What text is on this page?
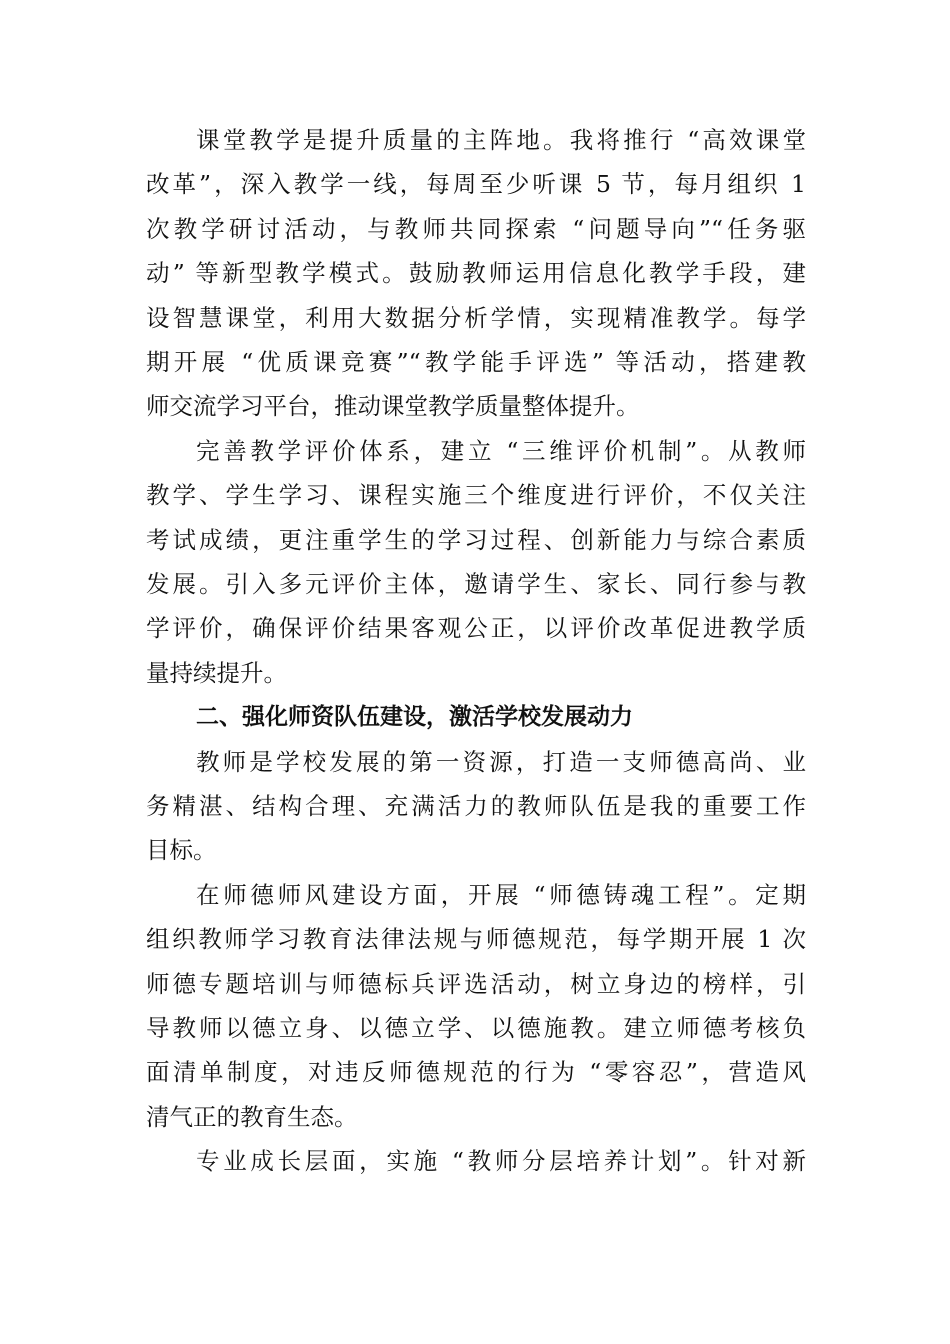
课堂教学是提升质量的主阵地。我将推行 “高效课堂
改革”，深入教学一线，每周至少听课 5 节，每月组织 1
次教学研讨活动，与教师共同探索 “问题导向”“任务驱
动” 等新型教学模式。鼓励教师运用信息化教学手段，建
设智慧课堂，利用大数据分析学情，实现精准教学。每学
期开展 “优质课竞赛”“教学能手评选” 等活动，搭建教
师交流学习平台，推动课堂教学质量整体提升。
完善教学评价体系，建立 “三维评价机制”。从教师
教学、学生学习、课程实施三个维度进行评价，不仅关注
考试成绩，更注重学生的学习过程、创新能力与综合素质
发展。引入多元评价主体，邀请学生、家长、同行参与教
学评价，确保评价结果客观公正，以评价改革促进教学质
量持续提升。
二、强化师资队伍建设，激活学校发展动力
教师是学校发展的第一资源，打造一支师德高尚、业
务精湛、结构合理、充满活力的教师队伍是我的重要工作
目标。
在师德师风建设方面，开展 “师德铸魂工程”。定期
组织教师学习教育法律法规与师德规范，每学期开展 1 次
师德专题培训与师德标兵评选活动，树立身边的榜样，引
导教师以德立身、以德立学、以德施教。建立师德考核负
面清单制度，对违反师德规范的行为 “零容忍”，营造风
清气正的教育生态。
专业成长层面，实施 “教师分层培养计划”。针对新
